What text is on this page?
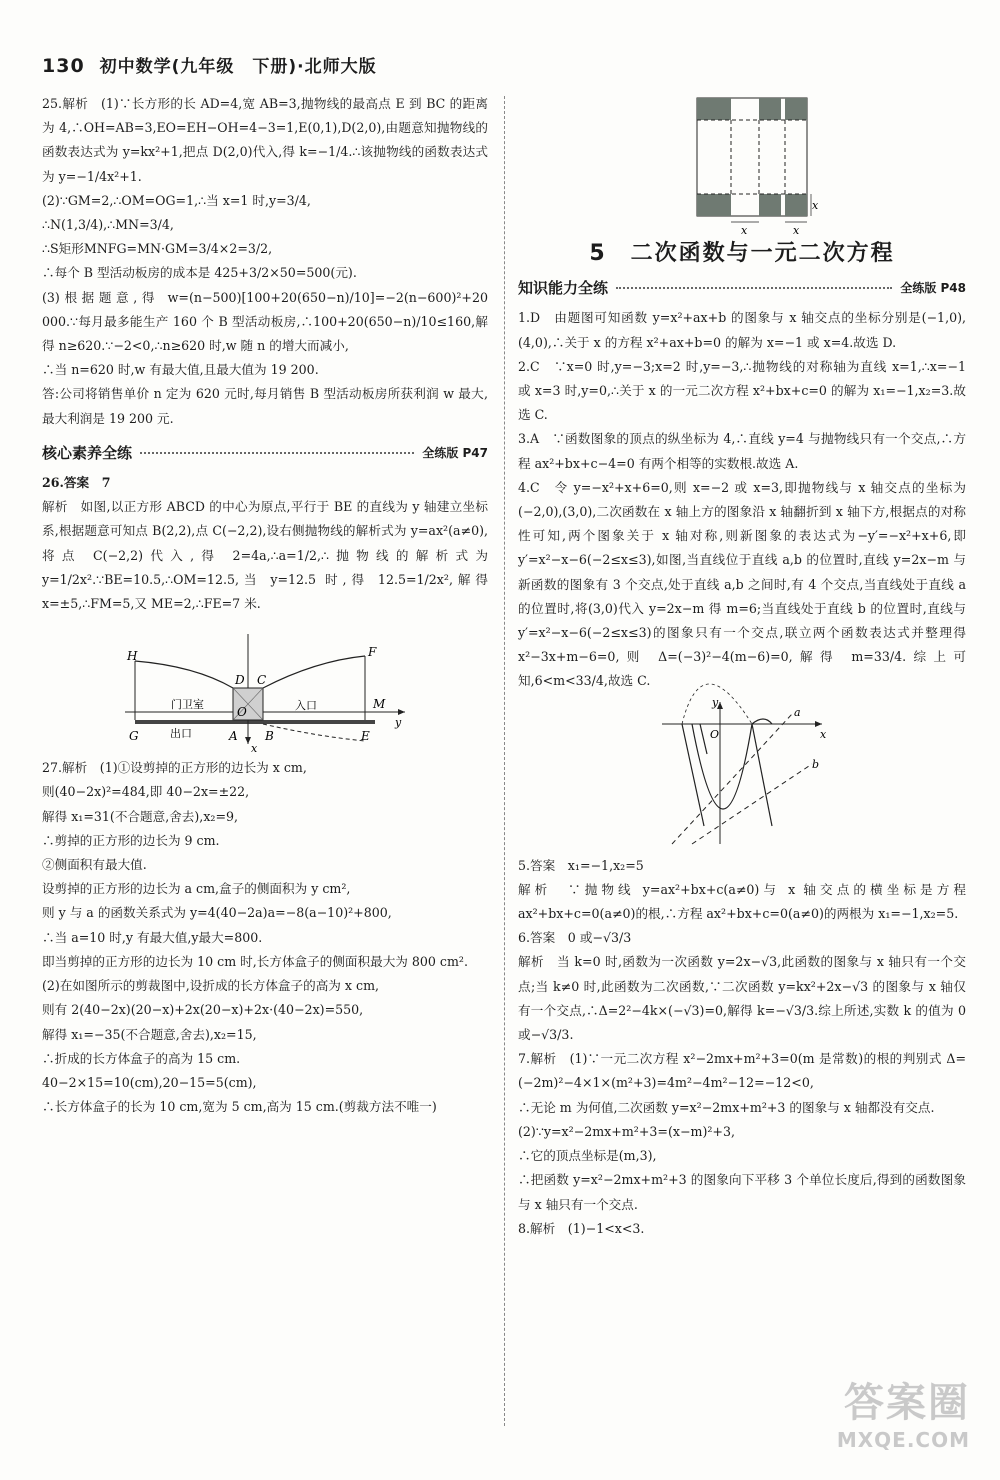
130 初中数学(九年级　下册)·北师大版

25.解析　(1)∵长方形的长 AD=4,宽 AB=3,抛物线的最高点 E 到 BC 的距离为 4,∴OH=AB=3,EO=EH−OH=4−3=1,E(0,1),D(2,0),由题意知抛物线的函数表达式为 y=kx²+1,把点 D(2,0)代入,得 k=−1/4.∴该抛物线的函数表达式为 y=−1/4x²+1.

(2)∵GM=2,∴OM=OG=1,∴当 x=1 时,y=3/4,

∴N(1,3/4),∴MN=3/4,

∴S矩形MNFG=MN·GM=3/4×2=3/2,

∴每个 B 型活动板房的成本是 425+3/2×50=500(元).

(3)根据题意,得 w=(n−500)[100+20(650−n)/10]=−2(n−600)²+20 000.∵每月最多能生产 160 个 B 型活动板房,∴100+20(650−n)/10≤160,解得 n≥620.∵−2<0,∴n≥620 时,w 随 n 的增大而减小,

∴当 n=620 时,w 有最大值,且最大值为 19 200.

答:公司将销售单价 n 定为 620 元时,每月销售 B 型活动板房所获利润 w 最大,最大利润是 19 200 元.

核心素养全练	全练版 P47

26.答案　7

解析　如图,以正方形 ABCD 的中心为原点,平行于 BE 的直线为 y 轴建立坐标系,根据题意可知点 B(2,2),点 C(−2,2),设右侧抛物线的解析式为 y=ax²(a≠0),将点 C(−2,2)代入,得 2=4a,∴a=1/2,∴抛物线的解析式为 y=1/2x².∵BE=10.5,∴OM=12.5,当 y=12.5 时,得 12.5=1/2x²,解得 x=±5,∴FM=5,又 ME=2,∴FE=7 米.

H	F
D C
M
G	A B	E
O
x
y
门卫室
出口
入口

27.解析　(1)①设剪掉的正方形的边长为 x cm,

则(40−2x)²=484,即 40−2x=±22,

解得 x₁=31(不合题意,舍去),x₂=9,

∴剪掉的正方形的边长为 9 cm.

②侧面积有最大值.

设剪掉的正方形的边长为 a cm,盒子的侧面积为 y cm²,

则 y 与 a 的函数关系式为 y=4(40−2a)a=−8(a−10)²+800,

∴当 a=10 时,y 有最大值,y最大=800.

即当剪掉的正方形的边长为 10 cm 时,长方体盒子的侧面积最大为 800 cm².

(2)在如图所示的剪裁图中,设折成的长方体盒子的高为 x cm,

则有 2(40−2x)(20−x)+2x(20−x)+2x·(40−2x)=550,

解得 x₁=−35(不合题意,舍去),x₂=15,

∴折成的长方体盒子的高为 15 cm.

40−2×15=10(cm),20−15=5(cm),

∴长方体盒子的长为 10 cm,宽为 5 cm,高为 15 cm.(剪裁方法不唯一)

x	x
x
5　二次函数与一元二次方程
知识能力全练	全练版 P48

1.D　由题图可知函数 y=x²+ax+b 的图象与 x 轴交点的坐标分别是(−1,0),(4,0),∴关于 x 的方程 x²+ax+b=0 的解为 x=−1 或 x=4.故选 D.

2.C　∵x=0 时,y=−3;x=2 时,y=−3,∴抛物线的对称轴为直线 x=1,∴x=−1 或 x=3 时,y=0,∴关于 x 的一元二次方程 x²+bx+c=0 的解为 x₁=−1,x₂=3.故选 C.

3.A　∵函数图象的顶点的纵坐标为 4,∴直线 y=4 与抛物线只有一个交点,∴方程 ax²+bx+c−4=0 有两个相等的实数根.故选 A.

4.C　令 y=−x²+x+6=0,则 x=−2 或 x=3,即抛物线与 x 轴交点的坐标为(−2,0),(3,0),二次函数在 x 轴上方的图象沿 x 轴翻折到 x 轴下方,根据点的对称性可知,两个图象关于 x 轴对称,则新图象的表达式为−y′=−x²+x+6,即 y′=x²−x−6(−2≤x≤3),如图,当直线位于直线 a,b 的位置时,直线 y=2x−m 与新函数的图象有 3 个交点,处于直线 a,b 之间时,有 4 个交点,当直线处于直线 a 的位置时,将(3,0)代入 y=2x−m 得 m=6;当直线处于直线 b 的位置时,直线与 y′=x²−x−6(−2≤x≤3)的图象只有一个交点,联立两个函数表达式并整理得 x²−3x+m−6=0,则 Δ=(−3)²−4(m−6)=0,解得 m=33/4.综上可知,6<m<33/4,故选 C.

y
O
a
x
b

5.答案　x₁=−1,x₂=5

解析　∵抛物线 y=ax²+bx+c(a≠0)与 x 轴交点的横坐标是方程 ax²+bx+c=0(a≠0)的根,∴方程 ax²+bx+c=0(a≠0)的两根为 x₁=−1,x₂=5.

6.答案　0 或−√3/3

解析　当 k=0 时,函数为一次函数 y=2x−√3,此函数的图象与 x 轴只有一个交点;当 k≠0 时,此函数为二次函数,∵二次函数 y=kx²+2x−√3 的图象与 x 轴仅有一个交点,∴Δ=2²−4k×(−√3)=0,解得 k=−√3/3.综上所述,实数 k 的值为 0 或−√3/3.

7.解析　(1)∵一元二次方程 x²−2mx+m²+3=0(m 是常数)的根的判别式 Δ=(−2m)²−4×1×(m²+3)=4m²−4m²−12=−12<0,

∴无论 m 为何值,二次函数 y=x²−2mx+m²+3 的图象与 x 轴都没有交点.

(2)∵y=x²−2mx+m²+3=(x−m)²+3,

∴它的顶点坐标是(m,3),

∴把函数 y=x²−2mx+m²+3 的图象向下平移 3 个单位长度后,得到的函数图象与 x 轴只有一个交点.

8.解析　(1)−1<x<3.

答案圈
MXQE.COM
